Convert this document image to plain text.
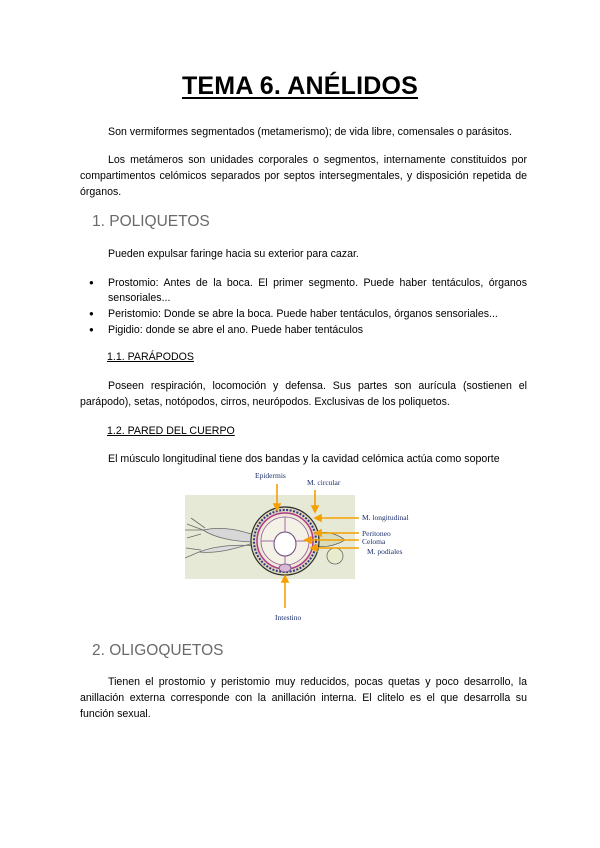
TEMA 6. ANÉLIDOS

Son vermiformes segmentados (metamerismo); de vida libre, comensales o parásitos.

Los metámeros son unidades corporales o segmentos, internamente constituidos por compartimentos celómicos separados por septos intersegmentales, y disposición repetida de órganos.

1. POLIQUETOS

Pueden expulsar faringe hacia su exterior para cazar.

● Prostomio: Antes de la boca. El primer segmento. Puede haber tentáculos, órganos sensoriales...
● Peristomio: Donde se abre la boca. Puede haber tentáculos, órganos sensoriales...
● Pigidio: donde se abre el ano. Puede haber tentáculos
1.1. PARÁPODOS

Poseen respiración, locomoción y defensa. Sus partes son aurícula (sostienen el parápodo), setas, notópodos, cirros, neurópodos. Exclusivas de los poliquetos.

1.2. PARED DEL CUERPO

El músculo longitudinal tiene dos bandas y la cavidad celómica actúa como soporte

Epidermis
M. circular
M. longitudinal
Peritoneo
Celoma
M. podiales
Intestino
2. OLIGOQUETOS

Tienen el prostomio y peristomio muy reducidos, pocas quetas y poco desarrollo, la anillación externa corresponde con la anillación interna. El clitelo es el que desarrolla su función sexual.
